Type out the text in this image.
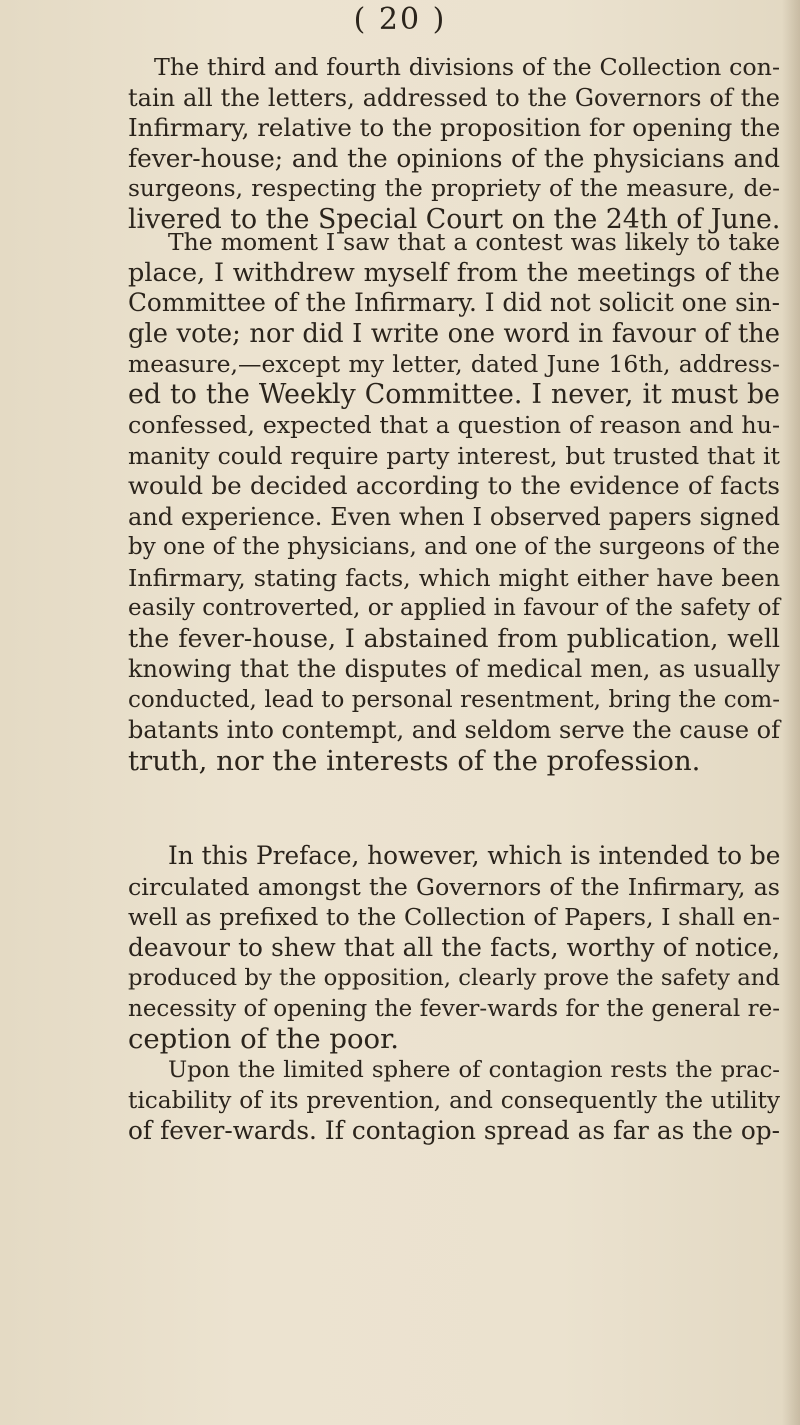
( 20 )
The third and fourth divisions of the Collection con-
tain all the letters, addressed to the Governors of the
Infirmary, relative to the proposition for opening the
fever-house; and the opinions of the physicians and
surgeons, respecting the propriety of the measure, de-
livered to the Special Court on the 24th of June.
The moment I saw that a contest was likely to take
place, I withdrew myself from the meetings of the
Committee of the Infirmary. I did not solicit one sin-
gle vote; nor did I write one word in favour of the
measure,—except my letter, dated June 16th, address-
ed to the Weekly Committee. I never, it must be
confessed, expected that a question of reason and hu-
manity could require party interest, but trusted that it
would be decided according to the evidence of facts
and experience. Even when I observed papers signed
by one of the physicians, and one of the surgeons of the
Infirmary, stating facts, which might either have been
easily controverted, or applied in favour of the safety of
the fever-house, I abstained from publication, well
knowing that the disputes of medical men, as usually
conducted, lead to personal resentment, bring the com-
batants into contempt, and seldom serve the cause of
truth, nor the interests of the profession.
In this Preface, however, which is intended to be
circulated amongst the Governors of the Infirmary, as
well as prefixed to the Collection of Papers, I shall en-
deavour to shew that all the facts, worthy of notice,
produced by the opposition, clearly prove the safety and
necessity of opening the fever-wards for the general re-
ception of the poor.
Upon the limited sphere of contagion rests the prac-
ticability of its prevention, and consequently the utility
of fever-wards. If contagion spread as far as the op-
